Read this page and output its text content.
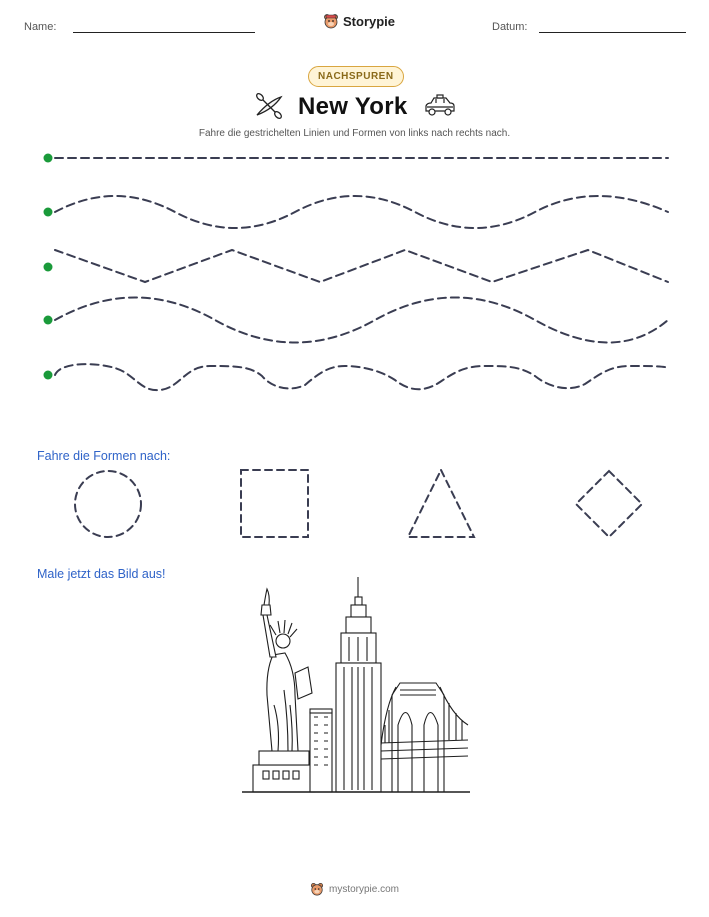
Name:	Storypie	Datum:
NACHSPUREN
New York
Fahre die gestrichelten Linien und Formen von links nach rechts nach.
Fahre die Formen nach:
Male jetzt das Bild aus!
mystorypie.com
